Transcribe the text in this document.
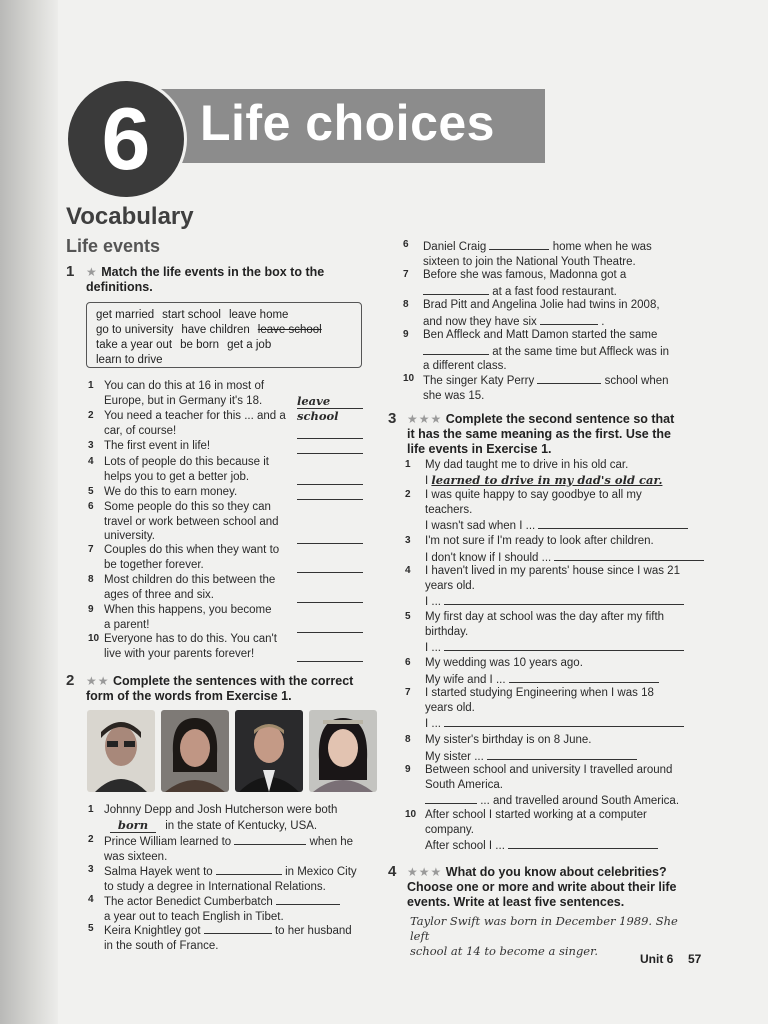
Life choices
6
Vocabulary
Life events
1 ★ Match the life events in the box to the definitions.
get married start school leave home
go to university have children leave school
take a year out be born get a job
learn to drive
1 You can do this at 16 in most of
Europe, but in Germany it's 18.	leave school
2 You need a teacher for this ... and a
car, of course!
3 The first event in life!
4 Lots of people do this because it
helps you to get a better job.
5 We do this to earn money.
6 Some people do this so they can
travel or work between school and
university.
7 Couples do this when they want to
be together forever.
8 Most children do this between the
ages of three and six.
9 When this happens, you become
a parent!
10 Everyone has to do this. You can't
live with your parents forever!
2 ★★ Complete the sentences with the correct
form of the words from Exercise 1.
1 Johnny Depp and Josh Hutcherson were both
born in the state of Kentucky, USA.
2 Prince William learned to	when he
was sixteen.
3 Salma Hayek went to	in Mexico City
to study a degree in International Relations.
4 The actor Benedict Cumberbatch
a year out to teach English in Tibet.
5 Keira Knightley got	to her husband
in the south of France.
6 Daniel Craig	home when he was
sixteen to join the National Youth Theatre.
7 Before she was famous, Madonna got a
at a fast food restaurant.
8 Brad Pitt and Angelina Jolie had twins in 2008,
and now they have six	.
9 Ben Affleck and Matt Damon started the same
at the same time but Affleck was in
a different class.
10 The singer Katy Perry	school when
she was 15.
3 ★★★ Complete the second sentence so that
it has the same meaning as the first. Use the
life events in Exercise 1.
1 My dad taught me to drive in his old car.
I learned to drive in my dad's old car.
2 I was quite happy to say goodbye to all my
teachers.
I wasn't sad when I ...
3 I'm not sure if I'm ready to look after children.
I don't know if I should ...
4 I haven't lived in my parents' house since I was 21
years old.
I ...
5 My first day at school was the day after my fifth
birthday.
I ...
6 My wedding was 10 years ago.
My wife and I ...
7 I started studying Engineering when I was 18
years old.
I ...
8 My sister's birthday is on 8 June.
My sister ...
9 Between school and university I travelled around
South America.
... and travelled around South America.
10 After school I started working at a computer
company.
After school I ...
4 ★★★ What do you know about celebrities?
Choose one or more and write about their life
events. Write at least five sentences.
Taylor Swift was born in December 1989. She left
school at 14 to become a singer.
Unit 6 57
